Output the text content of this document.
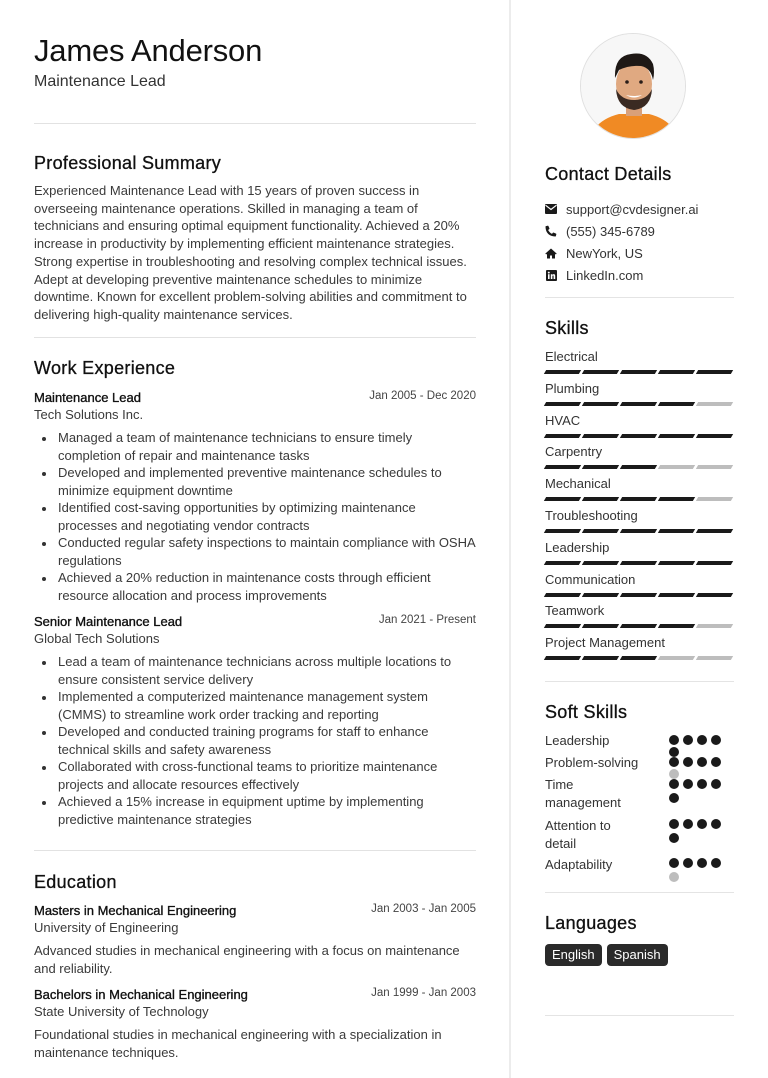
James Anderson
Maintenance Lead
Professional Summary

Experienced Maintenance Lead with 15 years of proven success in overseeing maintenance operations. Skilled in managing a team of technicians and ensuring optimal equipment functionality. Achieved a 20% increase in productivity by implementing efficient maintenance strategies. Strong expertise in troubleshooting and resolving complex technical issues. Adept at developing preventive maintenance schedules to minimize downtime. Known for excellent problem-solving abilities and commitment to delivering high-quality maintenance services.

Work Experience
Maintenance Lead	Jan 2005 - Dec 2020
Tech Solutions Inc.
Managed a team of maintenance technicians to ensure timely completion of repair and maintenance tasks
Developed and implemented preventive maintenance schedules to minimize equipment downtime
Identified cost-saving opportunities by optimizing maintenance processes and negotiating vendor contracts
Conducted regular safety inspections to maintain compliance with OSHA regulations
Achieved a 20% reduction in maintenance costs through efficient resource allocation and process improvements
Senior Maintenance Lead	Jan 2021 - Present
Global Tech Solutions
Lead a team of maintenance technicians across multiple locations to ensure consistent service delivery
Implemented a computerized maintenance management system (CMMS) to streamline work order tracking and reporting
Developed and conducted training programs for staff to enhance technical skills and safety awareness
Collaborated with cross-functional teams to prioritize maintenance projects and allocate resources effectively
Achieved a 15% increase in equipment uptime by implementing predictive maintenance strategies
Education
Masters in Mechanical Engineering	Jan 2003 - Jan 2005
University of Engineering

Advanced studies in mechanical engineering with a focus on maintenance and reliability.

Bachelors in Mechanical Engineering	Jan 1999 - Jan 2003
State University of Technology

Foundational studies in mechanical engineering with a specialization in maintenance techniques.

Contact Details
support@cvdesigner.ai
(555) 345-6789
NewYork, US
LinkedIn.com
Skills
Electrical
Plumbing
HVAC
Carpentry
Mechanical
Troubleshooting
Leadership
Communication
Teamwork
Project Management
Soft Skills
Leadership
Problem-solving
Time management
Attention to detail
Adaptability
Languages
English	Spanish
